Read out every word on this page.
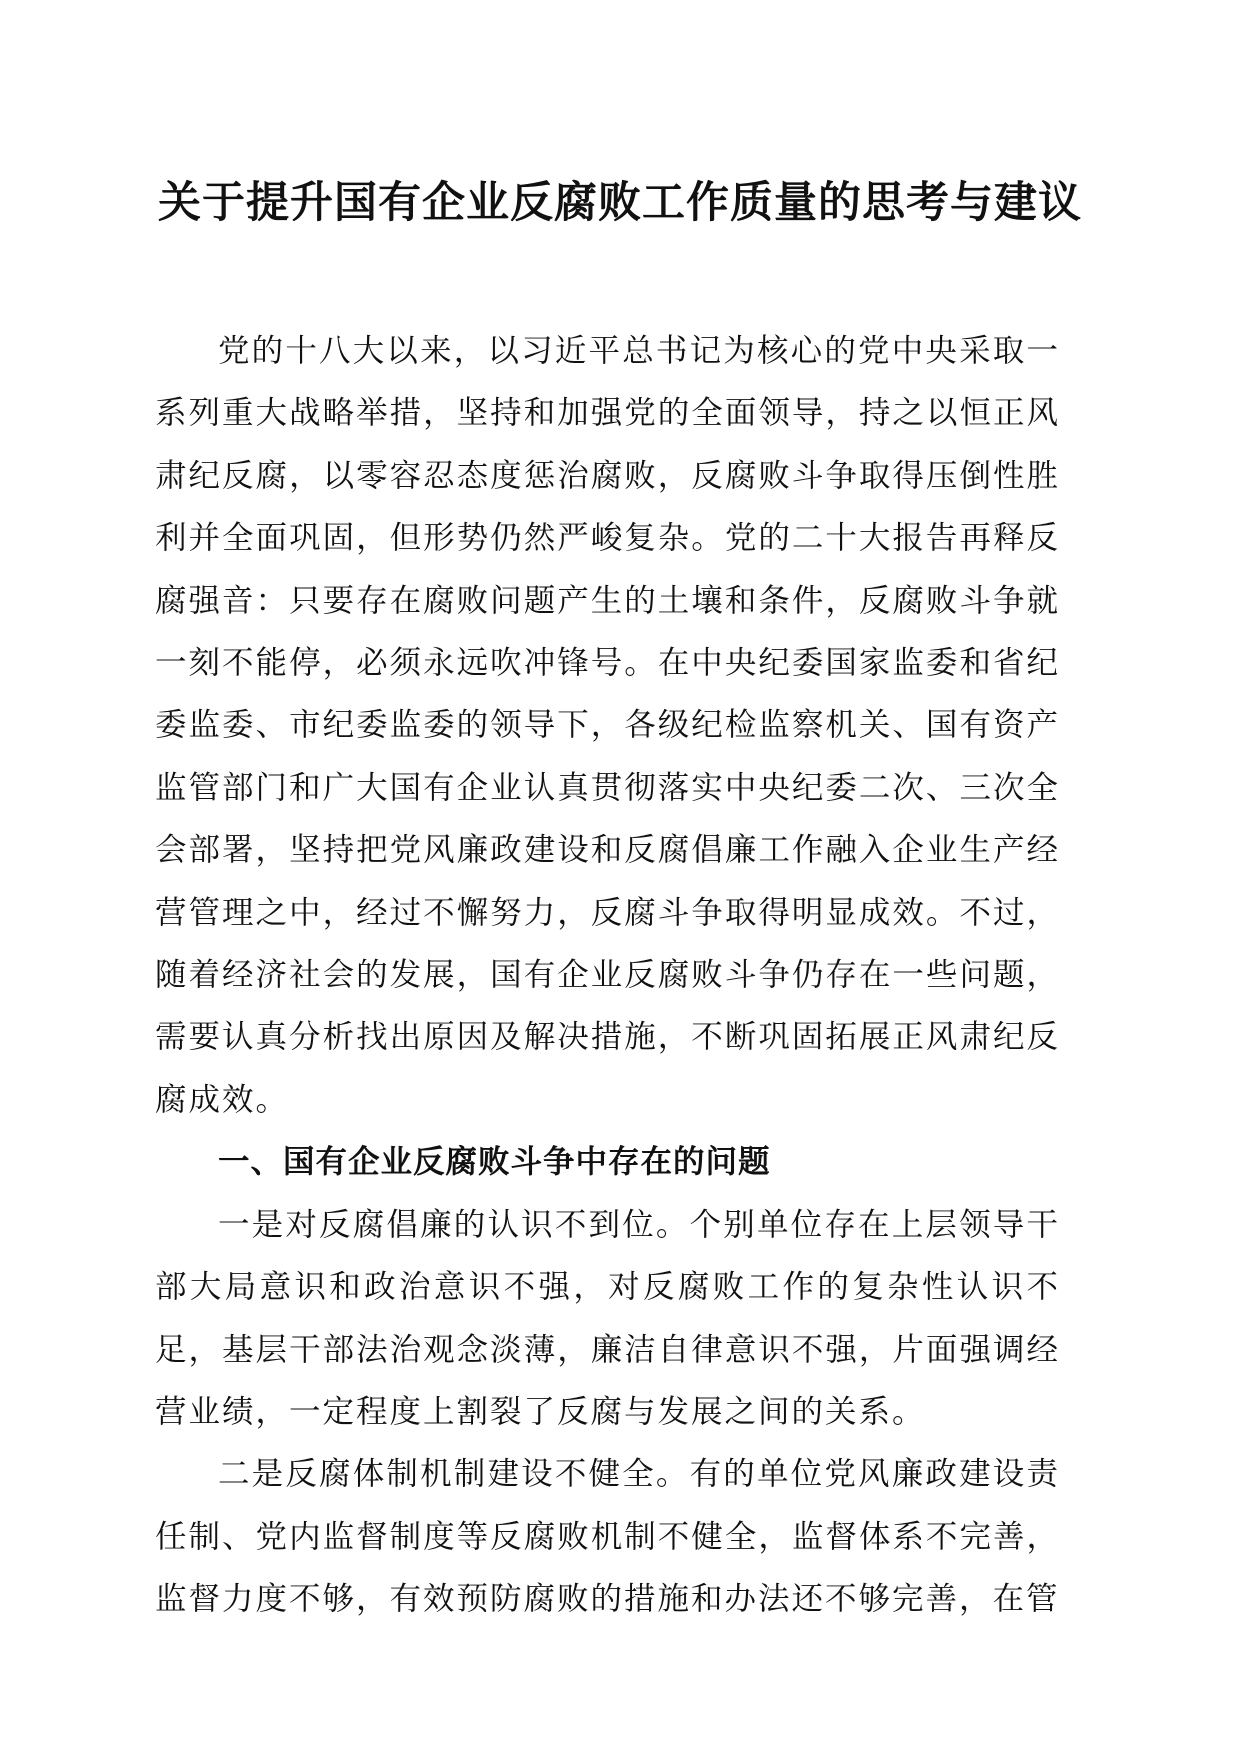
关于提升国有企业反腐败工作质量的思考与建议

党的十八大以来，以习近平总书记为核心的党中央采取一系列重大战略举措，坚持和加强党的全面领导，持之以恒正风肃纪反腐，以零容忍态度惩治腐败，反腐败斗争取得压倒性胜利并全面巩固，但形势仍然严峻复杂。党的二十大报告再释反腐强音：只要存在腐败问题产生的土壤和条件，反腐败斗争就一刻不能停，必须永远吹冲锋号。在中央纪委国家监委和省纪委监委、市纪委监委的领导下，各级纪检监察机关、国有资产监管部门和广大国有企业认真贯彻落实中央纪委二次、三次全会部署，坚持把党风廉政建设和反腐倡廉工作融入企业生产经营管理之中，经过不懈努力，反腐斗争取得明显成效。不过，随着经济社会的发展，国有企业反腐败斗争仍存在一些问题，需要认真分析找出原因及解决措施，不断巩固拓展正风肃纪反腐成效。

一、国有企业反腐败斗争中存在的问题

一是对反腐倡廉的认识不到位。个别单位存在上层领导干部大局意识和政治意识不强，对反腐败工作的复杂性认识不足，基层干部法治观念淡薄，廉洁自律意识不强，片面强调经营业绩，一定程度上割裂了反腐与发展之间的关系。

二是反腐体制机制建设不健全。有的单位党风廉政建设责任制、党内监督制度等反腐败机制不健全，监督体系不完善，监督力度不够，有效预防腐败的措施和办法还不够完善，在管
